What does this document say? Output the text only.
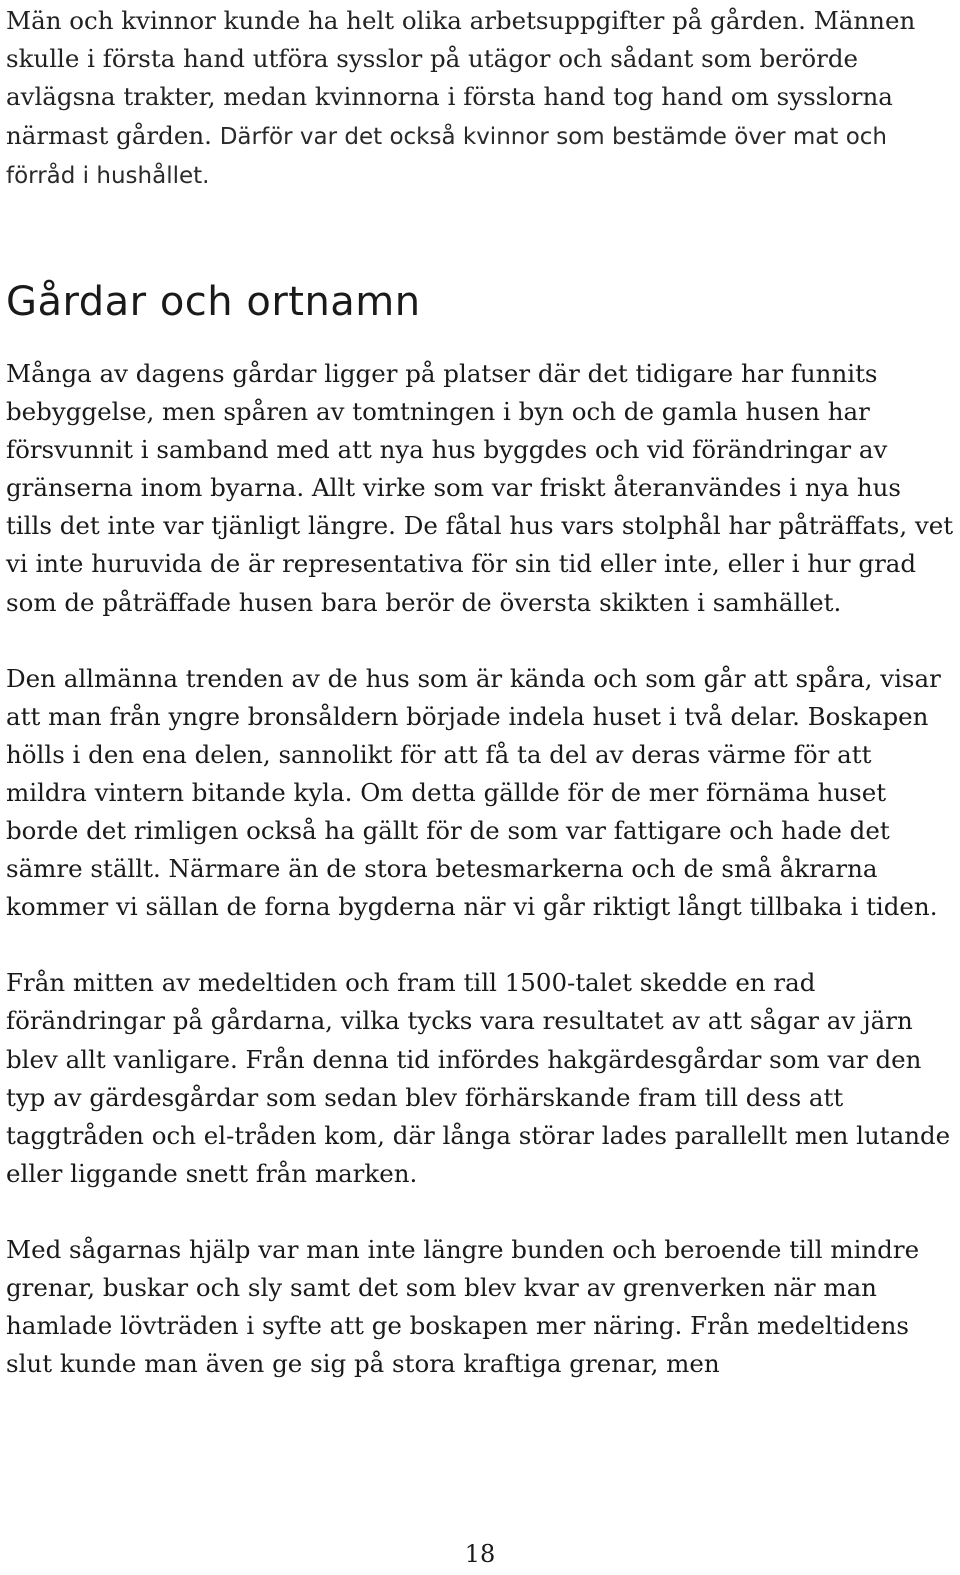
Män och kvinnor kunde ha helt olika arbetsuppgifter på gården. Männen skulle i första hand utföra sysslor på utägor och sådant som berörde avlägsna trakter, medan kvinnorna i första hand tog hand om sysslorna närmast gården. Därför var det också kvinnor som bestämde över mat och förråd i hushållet.

Gårdar och ortnamn

Många av dagens gårdar ligger på platser där det tidigare har funnits bebyggelse, men spåren av tomtningen i byn och de gamla husen har försvunnit i samband med att nya hus byggdes och vid förändringar av gränserna inom byarna. Allt virke som var friskt återanvändes i nya hus tills det inte var tjänligt längre. De fåtal hus vars stolphål har påträffats, vet vi inte huruvida de är representativa för sin tid eller inte, eller i hur grad som de påträffade husen bara berör de översta skikten i samhället.

Den allmänna trenden av de hus som är kända och som går att spåra, visar att man från yngre bronsåldern började indela huset i två delar. Boskapen hölls i den ena delen, sannolikt för att få ta del av deras värme för att mildra vintern bitande kyla. Om detta gällde för de mer förnäma huset borde det rimligen också ha gällt för de som var fattigare och hade det sämre ställt. Närmare än de stora betesmarkerna och de små åkrarna kommer vi sällan de forna bygderna när vi går riktigt långt tillbaka i tiden.

Från mitten av medeltiden och fram till 1500-talet skedde en rad förändringar på gårdarna, vilka tycks vara resultatet av att sågar av järn blev allt vanligare. Från denna tid infördes hakgärdesgårdar som var den typ av gärdesgårdar som sedan blev förhärskande fram till dess att taggtråden och el-tråden kom, där långa störar lades parallellt men lutande eller liggande snett från marken.

Med sågarnas hjälp var man inte längre bunden och beroende till mindre grenar, buskar och sly samt det som blev kvar av grenverken när man hamlade lövträden i syfte att ge boskapen mer näring. Från medeltidens slut kunde man även ge sig på stora kraftiga grenar, men

18
